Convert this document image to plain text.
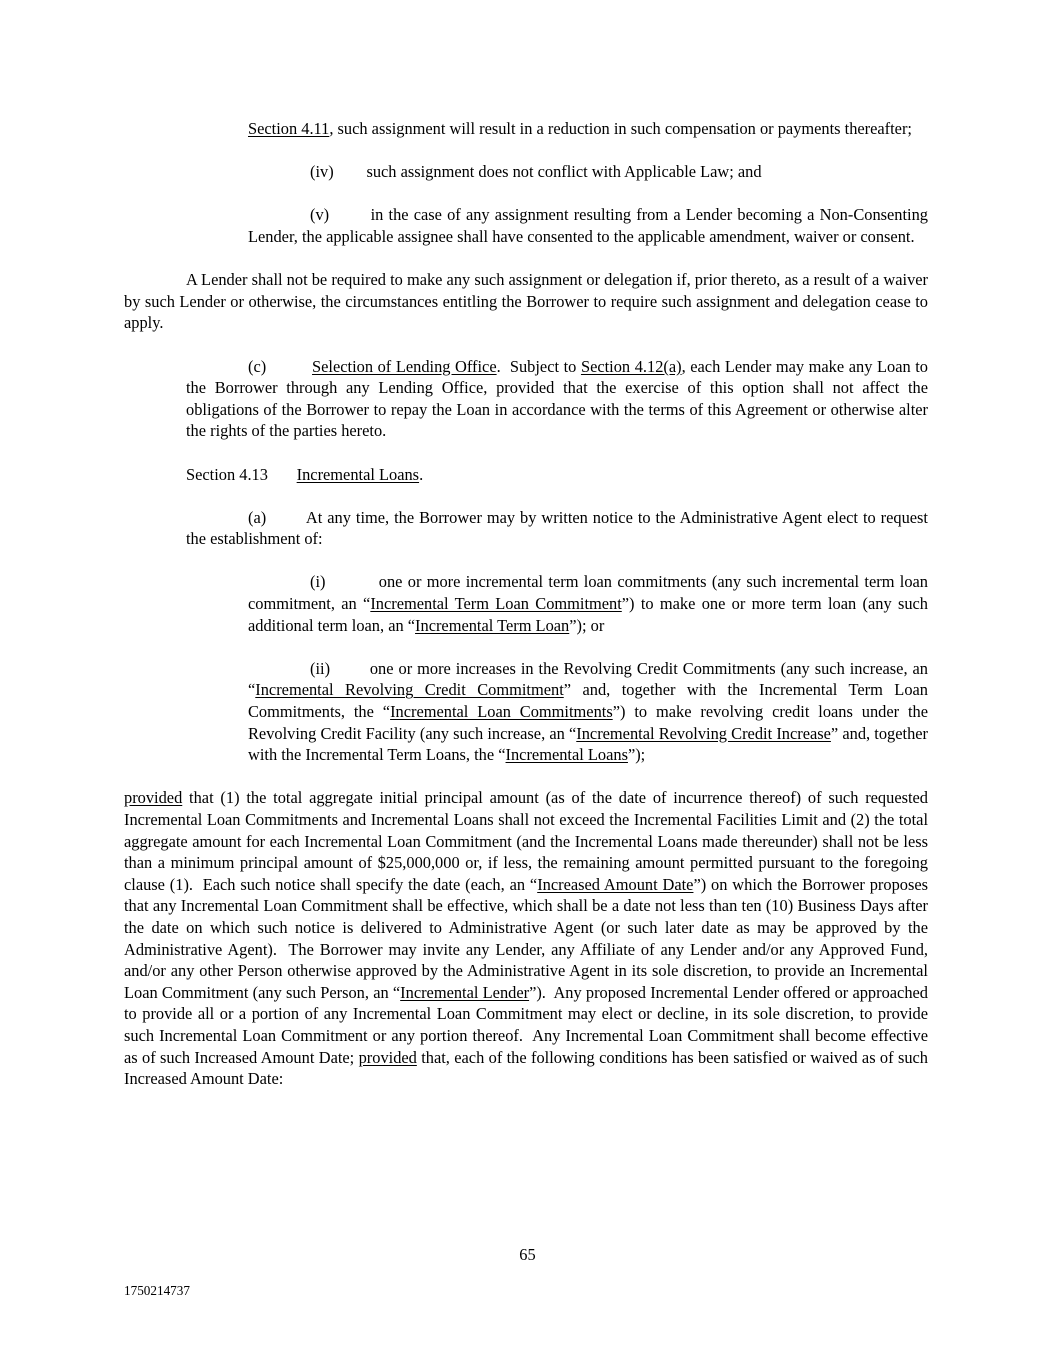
Section 4.11, such assignment will result in a reduction in such compensation or payments thereafter;

(iv)        such assignment does not conflict with Applicable Law; and

(v)        in the case of any assignment resulting from a Lender becoming a Non-Consenting Lender, the applicable assignee shall have consented to the applicable amendment, waiver or consent.

A Lender shall not be required to make any such assignment or delegation if, prior thereto, as a result of a waiver by such Lender or otherwise, the circumstances entitling the Borrower to require such assignment and delegation cease to apply.

(c)          Selection of Lending Office.  Subject to Section 4.12(a), each Lender may make any Loan to the Borrower through any Lending Office, provided that the exercise of this option shall not affect the obligations of the Borrower to repay the Loan in accordance with the terms of this Agreement or otherwise alter the rights of the parties hereto.

Section 4.13       Incremental Loans.

(a)        At any time, the Borrower may by written notice to the Administrative Agent elect to request the establishment of:

(i)          one or more incremental term loan commitments (any such incremental term loan commitment, an “Incremental Term Loan Commitment”) to make one or more term loan (any such additional term loan, an “Incremental Term Loan”); or

(ii)        one or more increases in the Revolving Credit Commitments (any such increase, an “Incremental Revolving Credit Commitment” and, together with the Incremental Term Loan Commitments, the “Incremental Loan Commitments”) to make revolving credit loans under the Revolving Credit Facility (any such increase, an “Incremental Revolving Credit Increase” and, together with the Incremental Term Loans, the “Incremental Loans”);

provided that (1) the total aggregate initial principal amount (as of the date of incurrence thereof) of such requested Incremental Loan Commitments and Incremental Loans shall not exceed the Incremental Facilities Limit and (2) the total aggregate amount for each Incremental Loan Commitment (and the Incremental Loans made thereunder) shall not be less than a minimum principal amount of $25,000,000 or, if less, the remaining amount permitted pursuant to the foregoing clause (1).  Each such notice shall specify the date (each, an “Increased Amount Date”) on which the Borrower proposes that any Incremental Loan Commitment shall be effective, which shall be a date not less than ten (10) Business Days after the date on which such notice is delivered to Administrative Agent (or such later date as may be approved by the Administrative Agent).  The Borrower may invite any Lender, any Affiliate of any Lender and/or any Approved Fund, and/or any other Person otherwise approved by the Administrative Agent in its sole discretion, to provide an Incremental Loan Commitment (any such Person, an “Incremental Lender”).  Any proposed Incremental Lender offered or approached to provide all or a portion of any Incremental Loan Commitment may elect or decline, in its sole discretion, to provide such Incremental Loan Commitment or any portion thereof.  Any Incremental Loan Commitment shall become effective as of such Increased Amount Date; provided that, each of the following conditions has been satisfied or waived as of such Increased Amount Date:

65
1750214737
